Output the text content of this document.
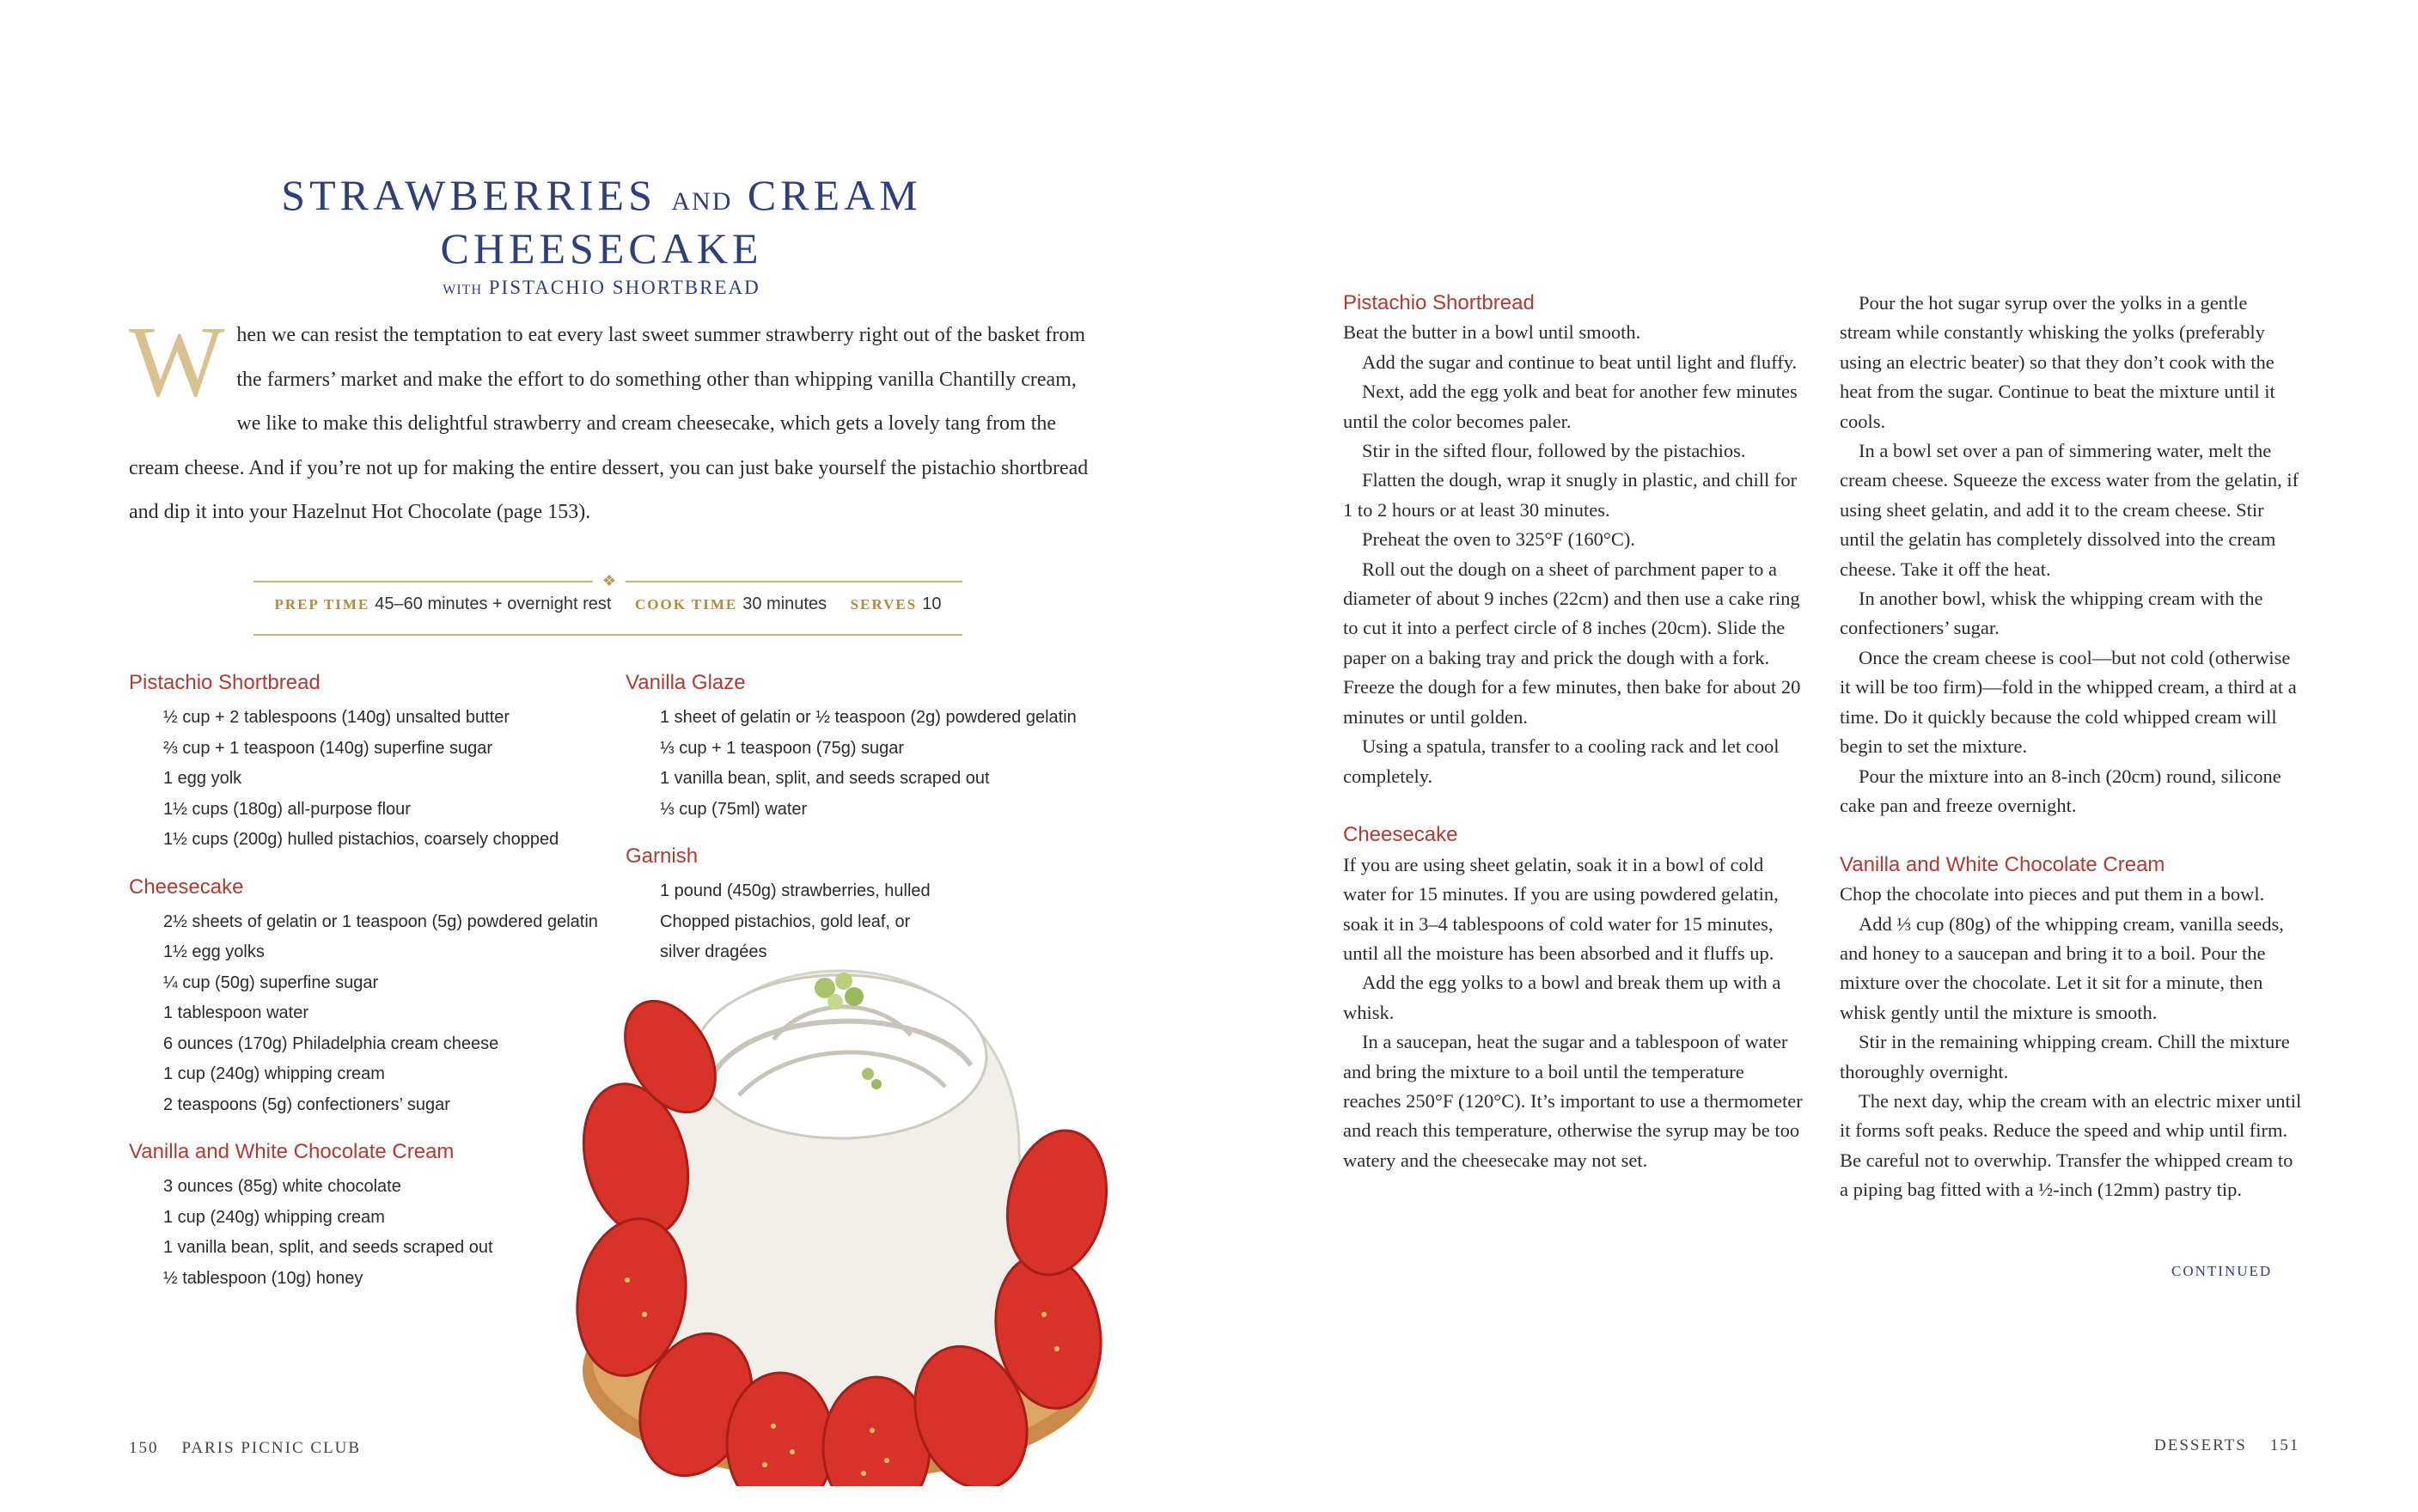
STRAWBERRIES AND CREAM
CHEESECAKE
WITH PISTACHIO SHORTBREAD
W hen we can resist the temptation to eat every last sweet summer strawberry right out of the basket from the farmers’ market and make the effort to do something other than whipping vanilla Chantilly cream, we like to make this delightful strawberry and cream cheesecake, which gets a lovely tang from the cream cheese. And if you’re not up for making the entire dessert, you can just bake yourself the pistachio shortbread and dip it into your Hazelnut Hot Chocolate (page 153).
❖
PREP TIME 45–60 minutes + overnight rest COOK TIME 30 minutes SERVES 10
Pistachio Shortbread
½ cup + 2 tablespoons (140g) unsalted butter
⅔ cup + 1 teaspoon (140g) superfine sugar
1 egg yolk
1½ cups (180g) all-purpose flour
1½ cups (200g) hulled pistachios, coarsely chopped
Cheesecake
2½ sheets of gelatin or 1 teaspoon (5g) powdered gelatin
1½ egg yolks
¼ cup (50g) superfine sugar
1 tablespoon water
6 ounces (170g) Philadelphia cream cheese
1 cup (240g) whipping cream
2 teaspoons (5g) confectioners’ sugar
Vanilla and White Chocolate Cream
3 ounces (85g) white chocolate
1 cup (240g) whipping cream
1 vanilla bean, split, and seeds scraped out
½ tablespoon (10g) honey
Vanilla Glaze
1 sheet of gelatin or ½ teaspoon (2g) powdered gelatin
⅓ cup + 1 teaspoon (75g) sugar
1 vanilla bean, split, and seeds scraped out
⅓ cup (75ml) water
Garnish
1 pound (450g) strawberries, hulled
Chopped pistachios, gold leaf, or
silver dragées
150 PARIS PICNIC CLUB
Pistachio Shortbread

Beat the butter in a bowl until smooth.

Add the sugar and continue to beat until light and fluffy.

Next, add the egg yolk and beat for another few minutes until the color becomes paler.

Stir in the sifted flour, followed by the pistachios.

Flatten the dough, wrap it snugly in plastic, and chill for 1 to 2 hours or at least 30 minutes.

Preheat the oven to 325°F (160°C).

Roll out the dough on a sheet of parchment paper to a diameter of about 9 inches (22cm) and then use a cake ring to cut it into a perfect circle of 8 inches (20cm). Slide the paper on a baking tray and prick the dough with a fork. Freeze the dough for a few minutes, then bake for about 20 minutes or until golden.

Using a spatula, transfer to a cooling rack and let cool completely.

Cheesecake

If you are using sheet gelatin, soak it in a bowl of cold water for 15 minutes. If you are using powdered gelatin, soak it in 3–4 tablespoons of cold water for 15 minutes, until all the moisture has been absorbed and it fluffs up.

Add the egg yolks to a bowl and break them up with a whisk.

In a saucepan, heat the sugar and a tablespoon of water and bring the mixture to a boil until the temperature reaches 250°F (120°C). It’s important to use a thermometer and reach this temperature, otherwise the syrup may be too watery and the cheesecake may not set.

Pour the hot sugar syrup over the yolks in a gentle stream while constantly whisking the yolks (preferably using an electric beater) so that they don’t cook with the heat from the sugar. Continue to beat the mixture until it cools.

In a bowl set over a pan of simmering water, melt the cream cheese. Squeeze the excess water from the gelatin, if using sheet gelatin, and add it to the cream cheese. Stir until the gelatin has completely dissolved into the cream cheese. Take it off the heat.

In another bowl, whisk the whipping cream with the confectioners’ sugar.

Once the cream cheese is cool—but not cold (otherwise it will be too firm)—fold in the whipped cream, a third at a time. Do it quickly because the cold whipped cream will begin to set the mixture.

Pour the mixture into an 8-inch (20cm) round, silicone cake pan and freeze overnight.

Vanilla and White Chocolate Cream

Chop the chocolate into pieces and put them in a bowl.

Add ⅓ cup (80g) of the whipping cream, vanilla seeds, and honey to a saucepan and bring it to a boil. Pour the mixture over the chocolate. Let it sit for a minute, then whisk gently until the mixture is smooth.

Stir in the remaining whipping cream. Chill the mixture thoroughly overnight.

The next day, whip the cream with an electric mixer until it forms soft peaks. Reduce the speed and whip until firm. Be careful not to overwhip. Transfer the whipped cream to a piping bag fitted with a ½-inch (12mm) pastry tip.

CONTINUED
DESSERTS 151
